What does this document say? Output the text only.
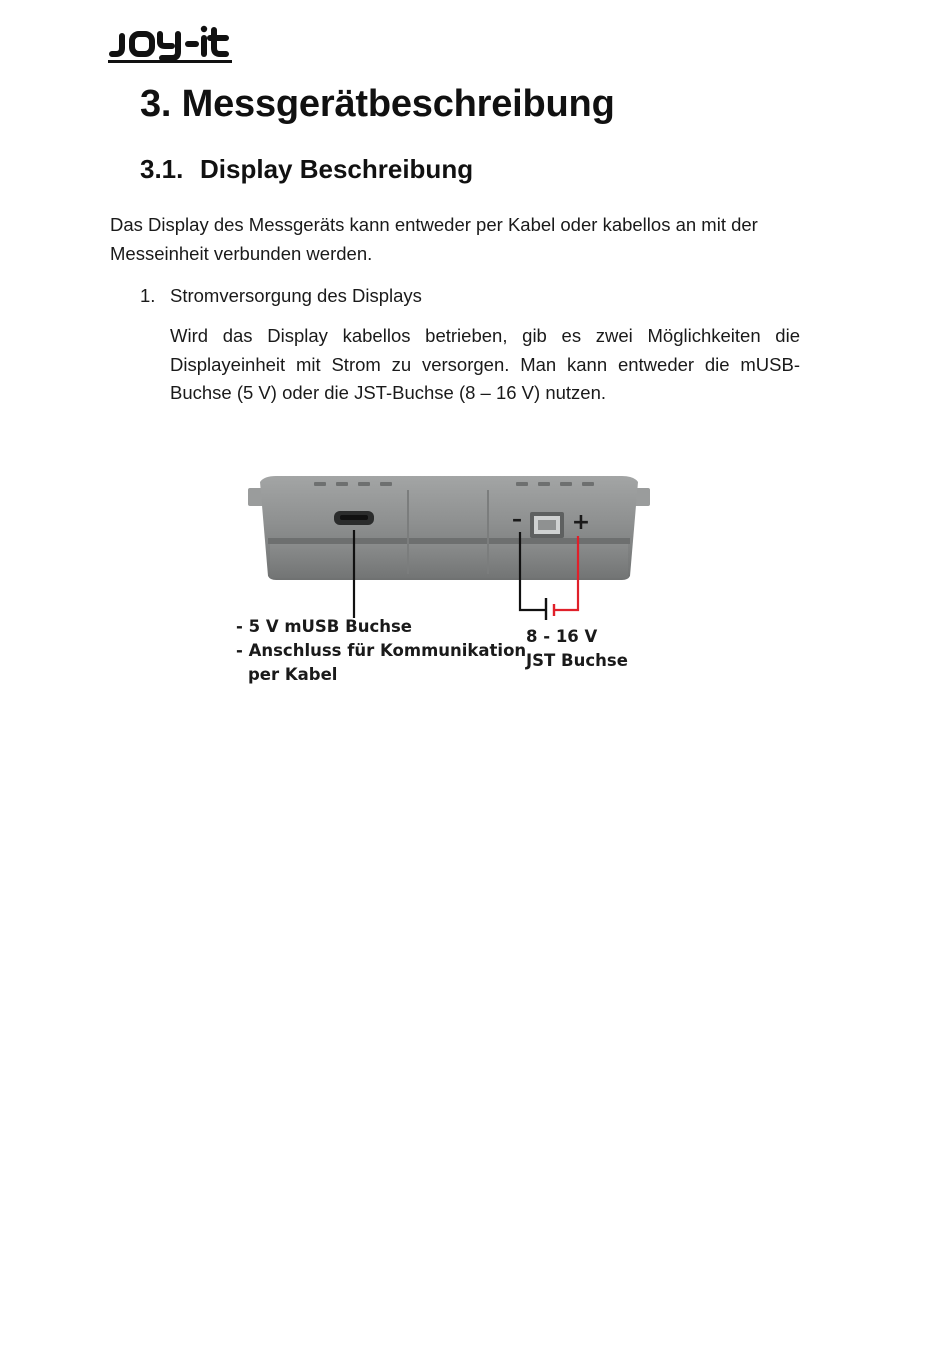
3. Messgerätbeschreibung
3.1. Display Beschreibung

Das Display des Messgeräts kann entweder per Kabel oder kabellos an mit der Messeinheit verbunden werden.

1. Stromversorgung des Displays

Wird das Display kabellos betrieben, gib es zwei Möglichkeiten die Displayeinheit mit Strom zu versorgen. Man kann entweder die mUSB-Buchse (5 V) oder die JST-Buchse (8 – 16 V) nutzen.

– +
- 5 V mUSB Buchse
- Anschluss für Kommunikation
per Kabel
8 - 16 V
JST Buchse
